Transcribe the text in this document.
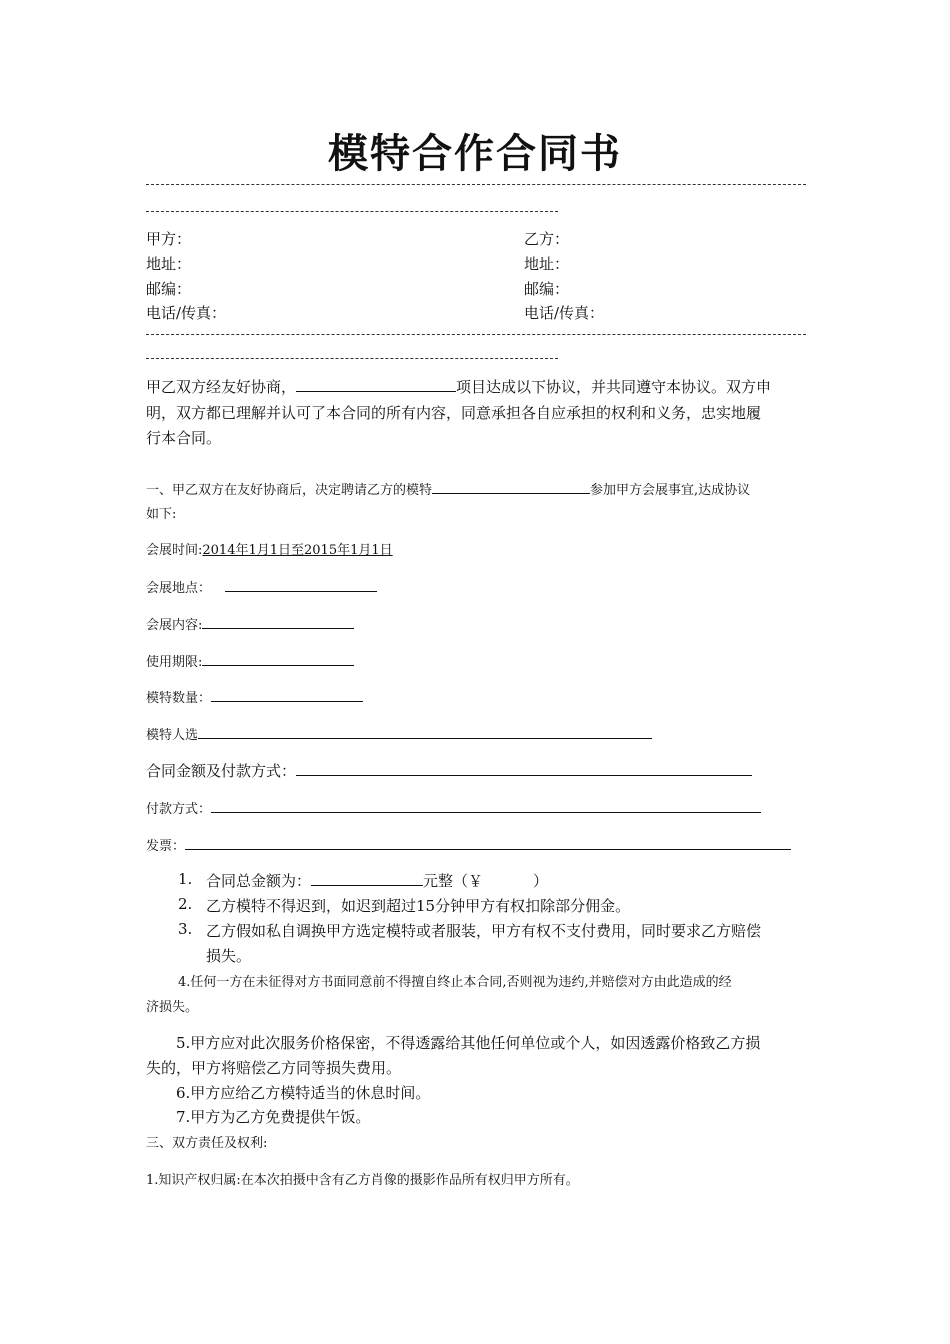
模特合作合同书
甲方：	乙方：
地址：	地址：
邮编：	邮编：
电话/传真：	电话/传真：
甲乙双方经友好协商，	项目达成以下协议，并共同遵守本协议。双方申
明，双方都已理解并认可了本合同的所有内容，同意承担各自应承担的权利和义务，忠实地履
行本合同。
一、甲乙双方在友好协商后，决定聘请乙方的模特	参加甲方会展事宜,达成协议
如下:
会展时间:2014年1月1日至2015年1月1日
会展地点：
会展内容:
使用期限:
模特数量：
模特人选
合同金额及付款方式：
付款方式：
发票：
1. 合同总金额为：	元整（￥	）
2. 乙方模特不得迟到，如迟到超过15分钟甲方有权扣除部分佣金。
3. 乙方假如私自调换甲方选定模特或者服装，甲方有权不支付费用，同时要求乙方赔偿
损失。
4.任何一方在未征得对方书面同意前不得擅自终止本合同,否则视为违约,并赔偿对方由此造成的经
济损失。
5.甲方应对此次服务价格保密，不得透露给其他任何单位或个人，如因透露价格致乙方损
失的，甲方将赔偿乙方同等损失费用。
6.甲方应给乙方模特适当的休息时间。
7.甲方为乙方免费提供午饭。
三、双方责任及权利:
1.知识产权归属:在本次拍摄中含有乙方肖像的摄影作品所有权归甲方所有。
